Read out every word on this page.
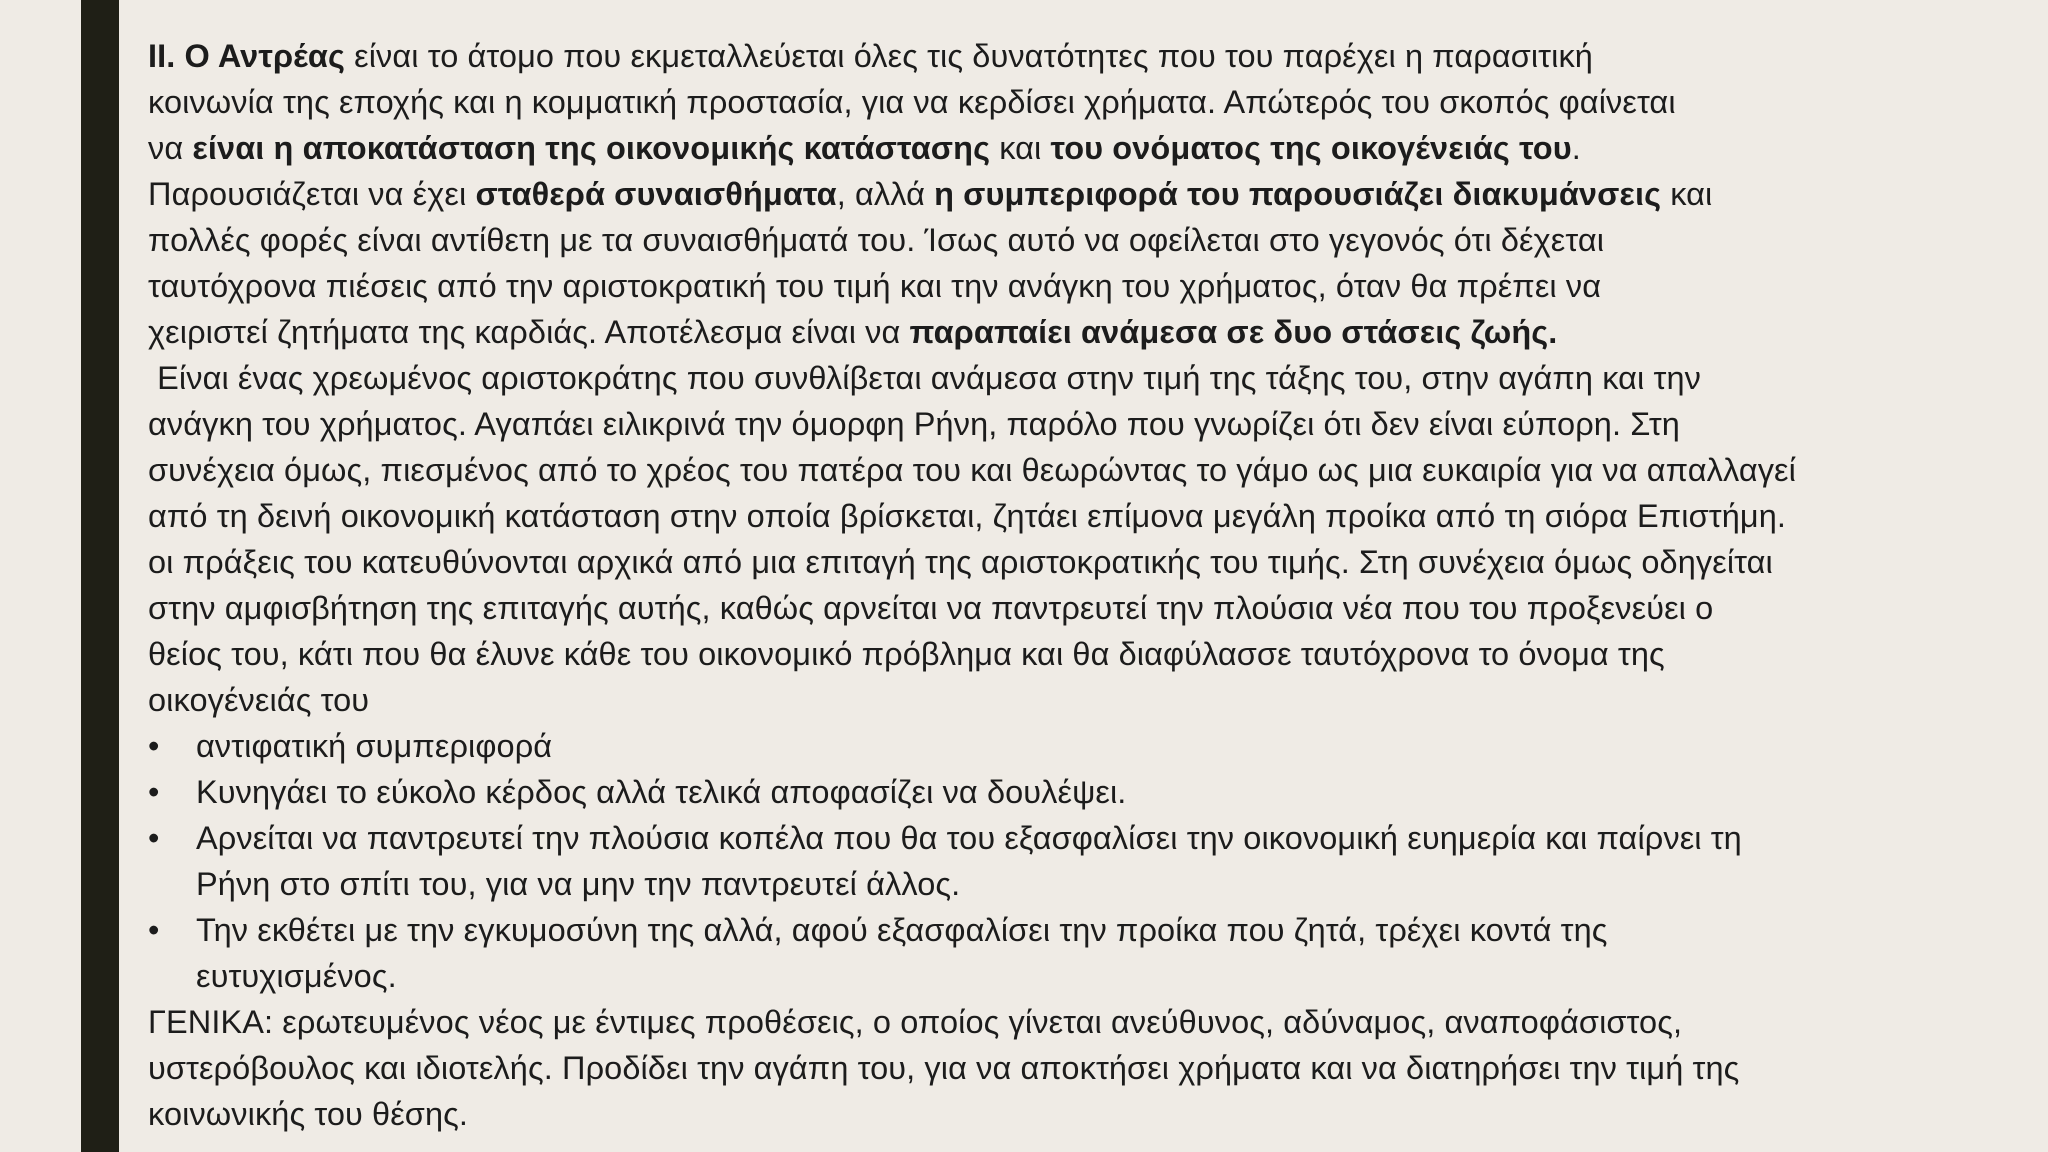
II. Ο Αντρέας είναι το άτομο που εκμεταλλεύεται όλες τις δυνατότητες που του παρέχει η παρασιτική
κοινωνία της εποχής και η κομματική προστασία, για να κερδίσει χρήματα. Απώτερός του σκοπός φαίνεται
να είναι η αποκατάσταση της οικονομικής κατάστασης και του ονόματος της οικογένειάς του.
Παρουσιάζεται να έχει σταθερά συναισθήματα, αλλά η συμπεριφορά του παρουσιάζει διακυμάνσεις και
πολλές φορές είναι αντίθετη με τα συναισθήματά του. Ίσως αυτό να οφείλεται στο γεγονός ότι δέχεται
ταυτόχρονα πιέσεις από την αριστοκρατική του τιμή και την ανάγκη του χρήματος, όταν θα πρέπει να
χειριστεί ζητήματα της καρδιάς. Αποτέλεσμα είναι να παραπαίει ανάμεσα σε δυο στάσεις ζωής.
Είναι ένας χρεωμένος αριστοκράτης που συνθλίβεται ανάμεσα στην τιμή της τάξης του, στην αγάπη και την
ανάγκη του χρήματος. Αγαπάει ειλικρινά την όμορφη Ρήνη, παρόλο που γνωρίζει ότι δεν είναι εύπορη. Στη
συνέχεια όμως, πιεσμένος από το χρέος του πατέρα του και θεωρώντας το γάμο ως μια ευκαιρία για να απαλλαγεί
από τη δεινή οικονομική κατάσταση στην οποία βρίσκεται, ζητάει επίμονα μεγάλη προίκα από τη σιόρα Επιστήμη.
οι πράξεις του κατευθύνονται αρχικά από μια επιταγή της αριστοκρατικής του τιμής. Στη συνέχεια όμως οδηγείται
στην αμφισβήτηση της επιταγής αυτής, καθώς αρνείται να παντρευτεί την πλούσια νέα που του προξενεύει ο
θείος του, κάτι που θα έλυνε κάθε του οικονομικό πρόβλημα και θα διαφύλασσε ταυτόχρονα το όνομα της
οικογένειάς του
• αντιφατική συμπεριφορά
• Κυνηγάει το εύκολο κέρδος αλλά τελικά αποφασίζει να δουλέψει.
• Αρνείται να παντρευτεί την πλούσια κοπέλα που θα του εξασφαλίσει την οικονομική ευημερία και παίρνει τη
Ρήνη στο σπίτι του, για να μην την παντρευτεί άλλος.
• Την εκθέτει με την εγκυμοσύνη της αλλά, αφού εξασφαλίσει την προίκα που ζητά, τρέχει κοντά της
ευτυχισμένος.
ΓΕΝΙΚΑ: ερωτευμένος νέος με έντιμες προθέσεις, ο οποίος γίνεται ανεύθυνος, αδύναμος, αναποφάσιστος,
υστερόβουλος και ιδιοτελής. Προδίδει την αγάπη του, για να αποκτήσει χρήματα και να διατηρήσει την τιμή της
κοινωνικής του θέσης.
